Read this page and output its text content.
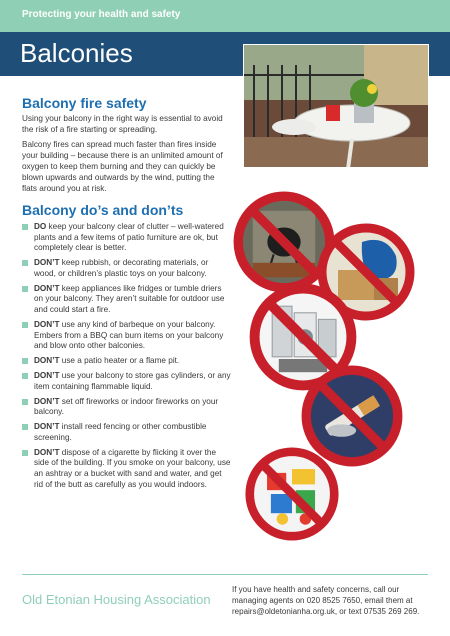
Protecting your health and safety
Balconies
Balcony fire safety
Using your balcony in the right way is essential to avoid the risk of a fire starting or spreading.
Balcony fires can spread much faster than fires inside your building – because there is an unlimited amount of oxygen to keep them burning and they can quickly be blown upwards and outwards by the wind, putting the flats around you at risk.
Balcony do’s and don’ts
DO keep your balcony clear of clutter – well-watered plants and a few items of patio furniture are ok, but completely clear is better.
DON’T keep rubbish, or decorating materials, or wood, or children’s plastic toys on your balcony.
DON’T keep appliances like fridges or tumble driers on your balcony. They aren’t suitable for outdoor use and could start a fire.
DON’T use any kind of barbeque on your balcony. Embers from a BBQ can burn items on your balcony and blow onto other balconies.
DON’T use a patio heater or a flame pit.
DON’T use your balcony to store gas cylinders, or any item containing flammable liquid.
DON’T set off fireworks or indoor fireworks on your balcony.
DON’T install reed fencing or other combustible screening.
DON’T dispose of a cigarette by flicking it over the side of the building. If you smoke on your balcony, use an ashtray or a bucket with sand and water, and get rid of the butt as carefully as you would indoors.
Old Etonian Housing Association
If you have health and safety concerns, call our managing agents on 020 8525 7650, email them at repairs@oldetonianha.org.uk, or text 07535 269 269.
